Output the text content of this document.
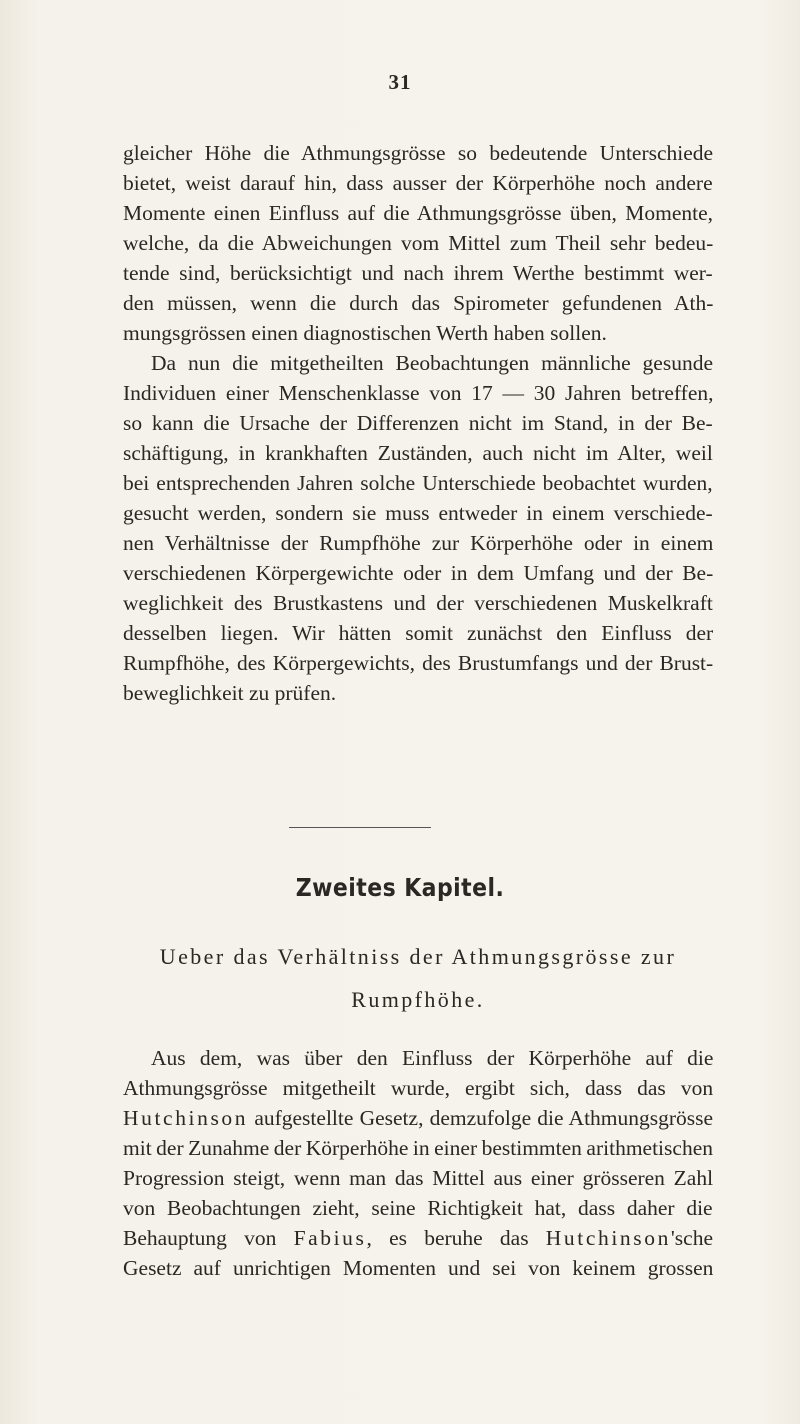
31

gleicher Höhe die Athmungsgrösse so bedeutende Unterschiede
bietet, weist darauf hin, dass ausser der Körperhöhe noch andere
Momente einen Einfluss auf die Athmungsgrösse üben, Momente,
welche, da die Abweichungen vom Mittel zum Theil sehr bedeu-
tende sind, berücksichtigt und nach ihrem Werthe bestimmt wer-
den müssen, wenn die durch das Spirometer gefundenen Ath-
mungsgrössen einen diagnostischen Werth haben sollen.

Da nun die mitgetheilten Beobachtungen männliche gesunde
Individuen einer Menschenklasse von 17 — 30 Jahren betreffen,
so kann die Ursache der Differenzen nicht im Stand, in der Be-
schäftigung, in krankhaften Zuständen, auch nicht im Alter, weil
bei entsprechenden Jahren solche Unterschiede beobachtet wurden,
gesucht werden, sondern sie muss entweder in einem verschiede-
nen Verhältnisse der Rumpfhöhe zur Körperhöhe oder in einem
verschiedenen Körpergewichte oder in dem Umfang und der Be-
weglichkeit des Brustkastens und der verschiedenen Muskelkraft
desselben liegen. Wir hätten somit zunächst den Einfluss der
Rumpfhöhe, des Körpergewichts, des Brustumfangs und der Brust-
beweglichkeit zu prüfen.

Zweites Kapitel.
Ueber das Verhältniss der Athmungsgrösse zur
Rumpfhöhe.

Aus dem, was über den Einfluss der Körperhöhe auf die
Athmungsgrösse mitgetheilt wurde, ergibt sich, dass das von
Hutchinson aufgestellte Gesetz, demzufolge die Athmungsgrösse
mit der Zunahme der Körperhöhe in einer bestimmten arithmetischen
Progression steigt, wenn man das Mittel aus einer grösseren Zahl
von Beobachtungen zieht, seine Richtigkeit hat, dass daher die
Behauptung von Fabius, es beruhe das Hutchinson'sche
Gesetz auf unrichtigen Momenten und sei von keinem grossen
